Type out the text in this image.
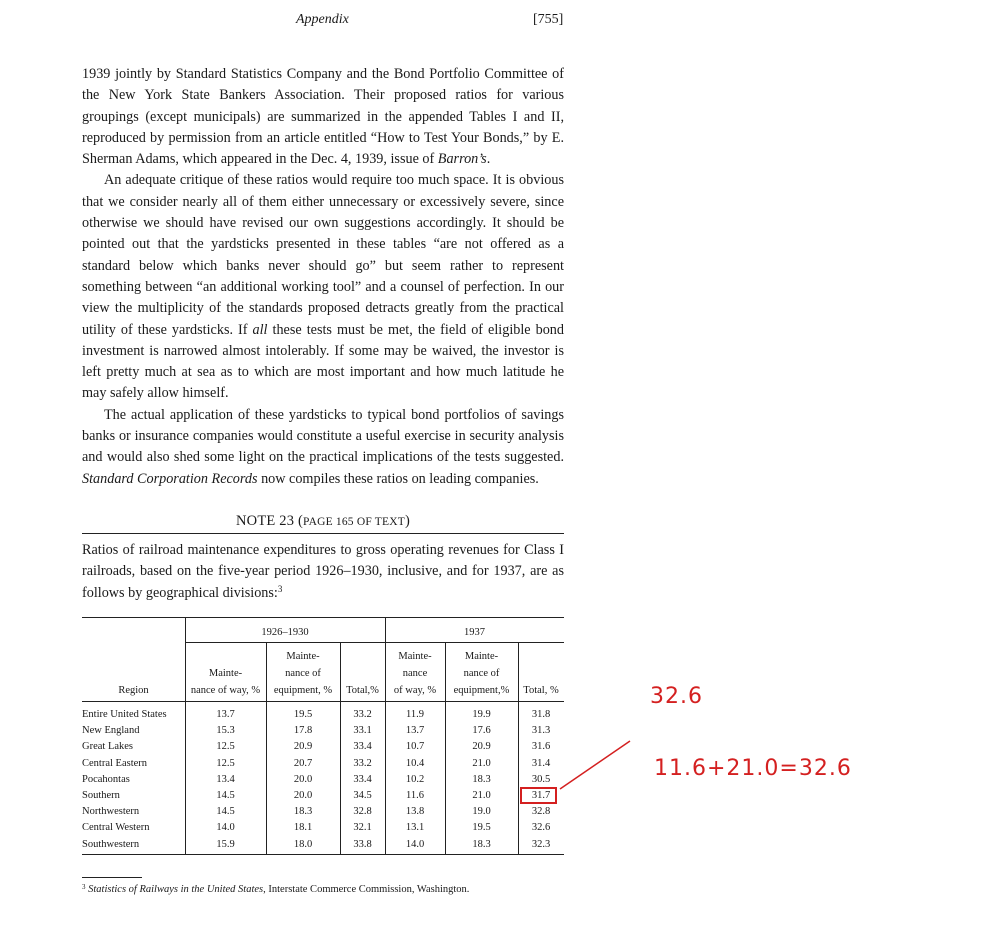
Appendix	[755]

1939 jointly by Standard Statistics Company and the Bond Portfolio Committee of the New York State Bankers Association. Their proposed ratios for various groupings (except municipals) are summarized in the appended Tables I and II, reproduced by permission from an article entitled “How to Test Your Bonds,” by E. Sherman Adams, which appeared in the Dec. 4, 1939, issue of Barron’s.

An adequate critique of these ratios would require too much space. It is obvious that we consider nearly all of them either unnecessary or excessively severe, since otherwise we should have revised our own suggestions accordingly. It should be pointed out that the yardsticks presented in these tables “are not offered as a standard below which banks never should go” but seem rather to represent something between “an additional working tool” and a counsel of perfection. In our view the multiplicity of the standards proposed detracts greatly from the practical utility of these yardsticks. If all these tests must be met, the field of eligible bond investment is narrowed almost intolerably. If some may be waived, the investor is left pretty much at sea as to which are most important and how much latitude he may safely allow himself.

The actual application of these yardsticks to typical bond portfolios of savings banks or insurance companies would constitute a useful exercise in security analysis and would also shed some light on the practical implications of the tests suggested. Standard Corporation Records now compiles these ratios on leading companies.

NOTE 23 (PAGE 165 OF TEXT)

Ratios of railroad maintenance expenditures to gross operating revenues for Class I railroads, based on the five-year period 1926–1930, inclusive, and for 1937, are as follows by geographical divisions:$^3$

1926–1930	1937
Region
Mainte-
nance of way, %
Mainte-
nance of
equipment, %	Total,%
Mainte-
nance
of way, %
Mainte-
nance of
equipment,%	Total, %
Entire United States	13.7	19.5	33.2	11.9	19.9	31.8
New England	15.3	17.8	33.1	13.7	17.6	31.3
Great Lakes	12.5	20.9	33.4	10.7	20.9	31.6
Central Eastern	12.5	20.7	33.2	10.4	21.0	31.4
Pocahontas	13.4	20.0	33.4	10.2	18.3	30.5
Southern	14.5	20.0	34.5	11.6	21.0	31.7
Northwestern	14.5	18.3	32.8	13.8	19.0	32.8
Central Western	14.0	18.1	32.1	13.1	19.5	32.6
Southwestern	15.9	18.0	33.8	14.0	18.3	32.3
$^3$ Statistics of Railways in the United States, Interstate Commerce Commission, Washington.
32.6
11.6+21.0=32.6
